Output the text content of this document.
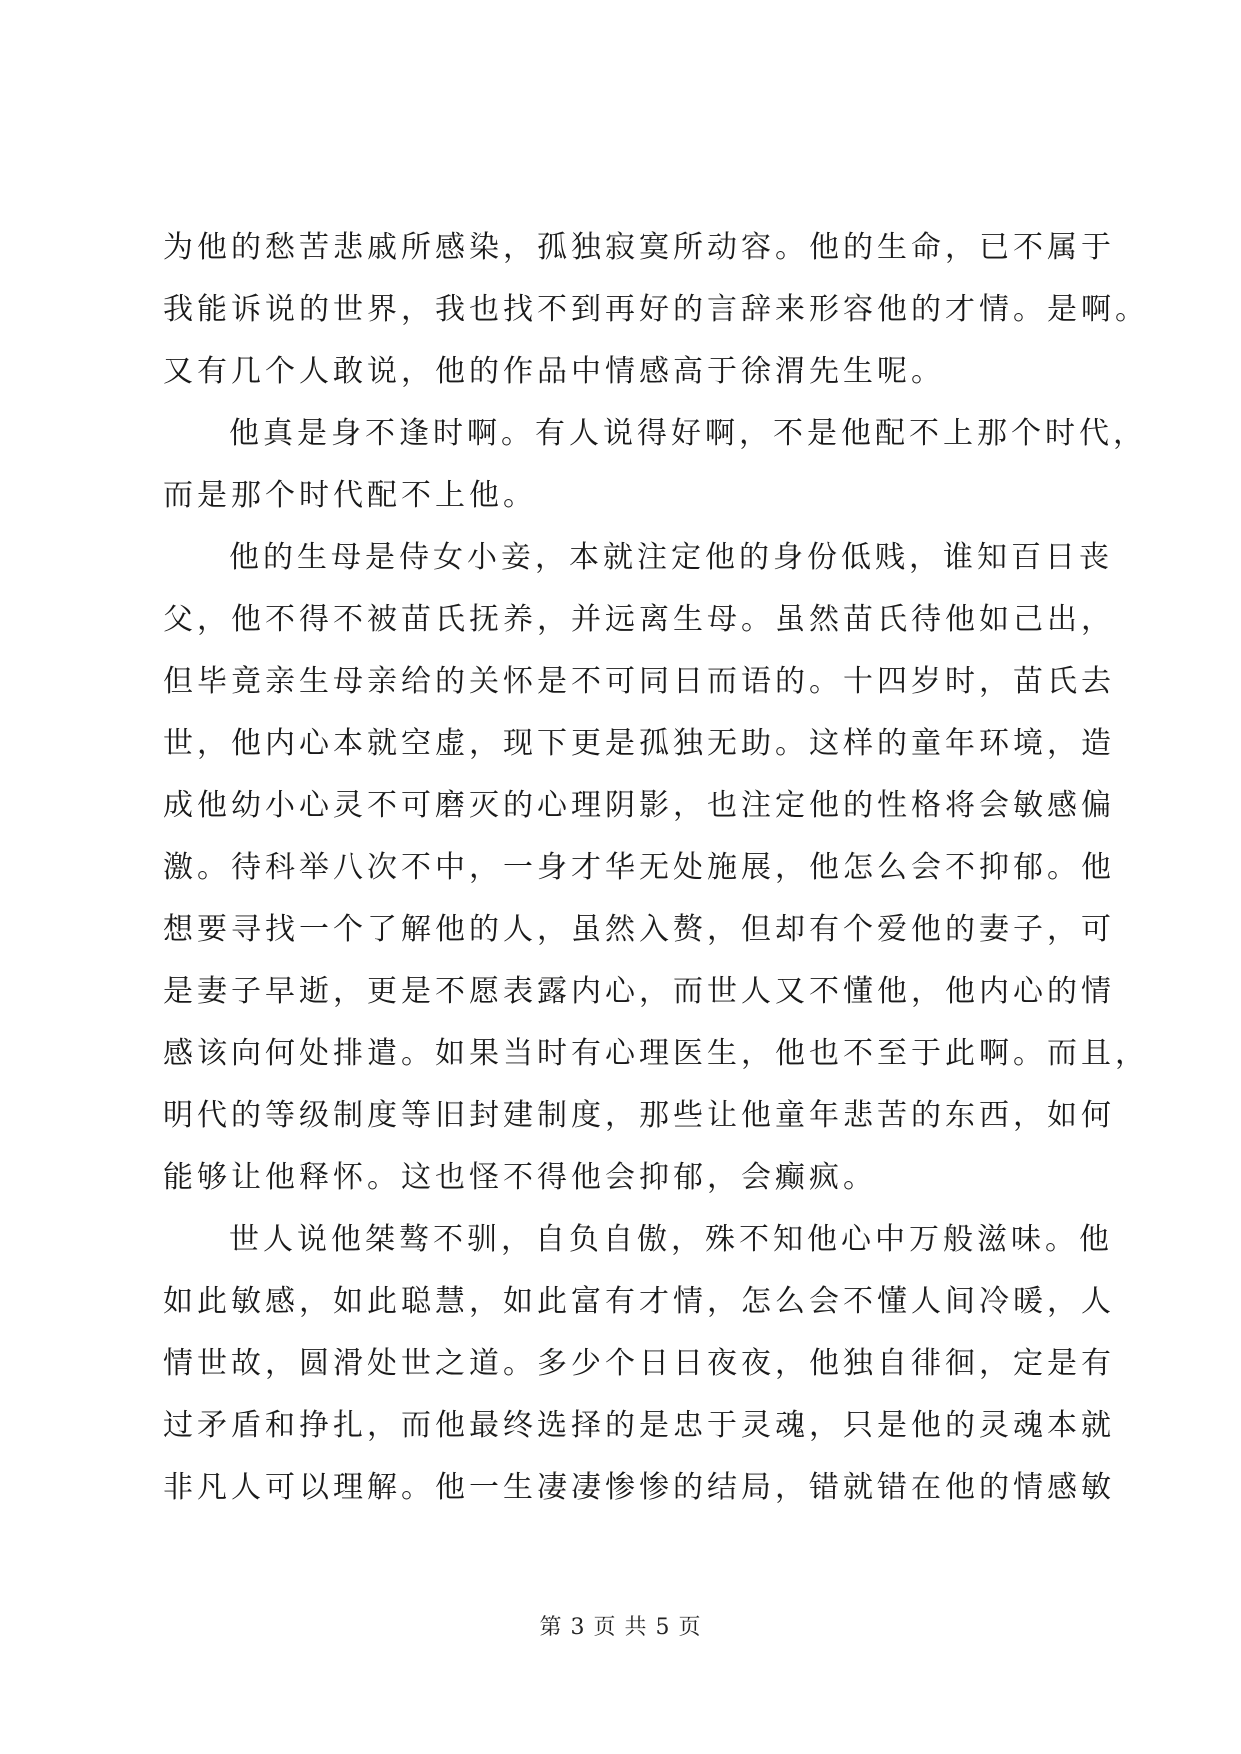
为他的愁苦悲戚所感染，孤独寂寞所动容。他的生命，已不属于
我能诉说的世界，我也找不到再好的言辞来形容他的才情。是啊。
又有几个人敢说，他的作品中情感高于徐渭先生呢。
他真是身不逢时啊。有人说得好啊，不是他配不上那个时代，
而是那个时代配不上他。
他的生母是侍女小妾，本就注定他的身份低贱，谁知百日丧
父，他不得不被苗氏抚养，并远离生母。虽然苗氏待他如己出，
但毕竟亲生母亲给的关怀是不可同日而语的。十四岁时，苗氏去
世，他内心本就空虚，现下更是孤独无助。这样的童年环境，造
成他幼小心灵不可磨灭的心理阴影，也注定他的性格将会敏感偏
激。待科举八次不中，一身才华无处施展，他怎么会不抑郁。他
想要寻找一个了解他的人，虽然入赘，但却有个爱他的妻子，可
是妻子早逝，更是不愿表露内心，而世人又不懂他，他内心的情
感该向何处排遣。如果当时有心理医生，他也不至于此啊。而且，
明代的等级制度等旧封建制度，那些让他童年悲苦的东西，如何
能够让他释怀。这也怪不得他会抑郁，会癫疯。
世人说他桀骜不驯，自负自傲，殊不知他心中万般滋味。他
如此敏感，如此聪慧，如此富有才情，怎么会不懂人间冷暖，人
情世故，圆滑处世之道。多少个日日夜夜，他独自徘徊，定是有
过矛盾和挣扎，而他最终选择的是忠于灵魂，只是他的灵魂本就
非凡人可以理解。他一生凄凄惨惨的结局，错就错在他的情感敏
第 3 页 共 5 页
